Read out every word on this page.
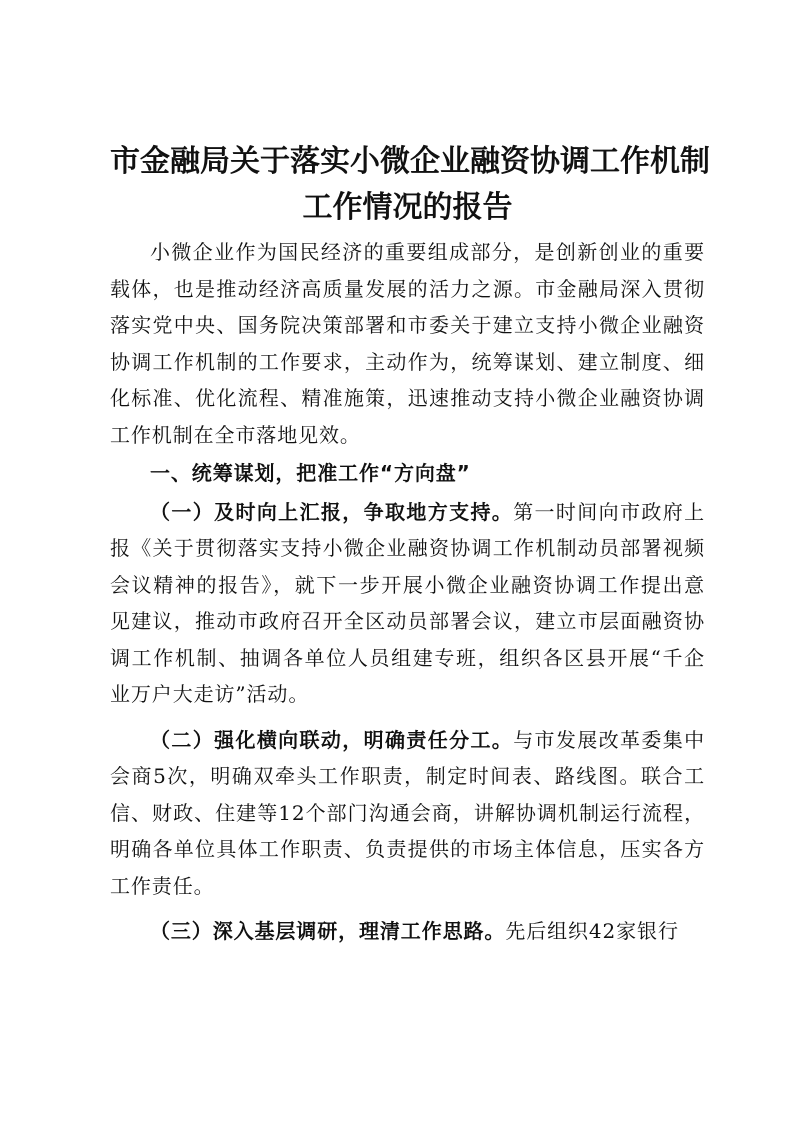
市金融局关于落实小微企业融资协调工作机制
工作情况的报告

小微企业作为国民经济的重要组成部分，是创新创业的重要载体，也是推动经济高质量发展的活力之源。市金融局深入贯彻落实党中央、国务院决策部署和市委关于建立支持小微企业融资协调工作机制的工作要求，主动作为，统筹谋划、建立制度、细化标准、优化流程、精准施策，迅速推动支持小微企业融资协调工作机制在全市落地见效。

一、统筹谋划，把准工作“方向盘”

（一）及时向上汇报，争取地方支持。第一时间向市政府上报《关于贯彻落实支持小微企业融资协调工作机制动员部署视频会议精神的报告》，就下一步开展小微企业融资协调工作提出意见建议，推动市政府召开全区动员部署会议，建立市层面融资协调工作机制、抽调各单位人员组建专班，组织各区县开展“千企业万户大走访”活动。

（二）强化横向联动，明确责任分工。与市发展改革委集中会商5次，明确双牵头工作职责，制定时间表、路线图。联合工信、财政、住建等12个部门沟通会商，讲解协调机制运行流程，明确各单位具体工作职责、负责提供的市场主体信息，压实各方工作责任。

（三）深入基层调研，理清工作思路。先后组织42家银行
